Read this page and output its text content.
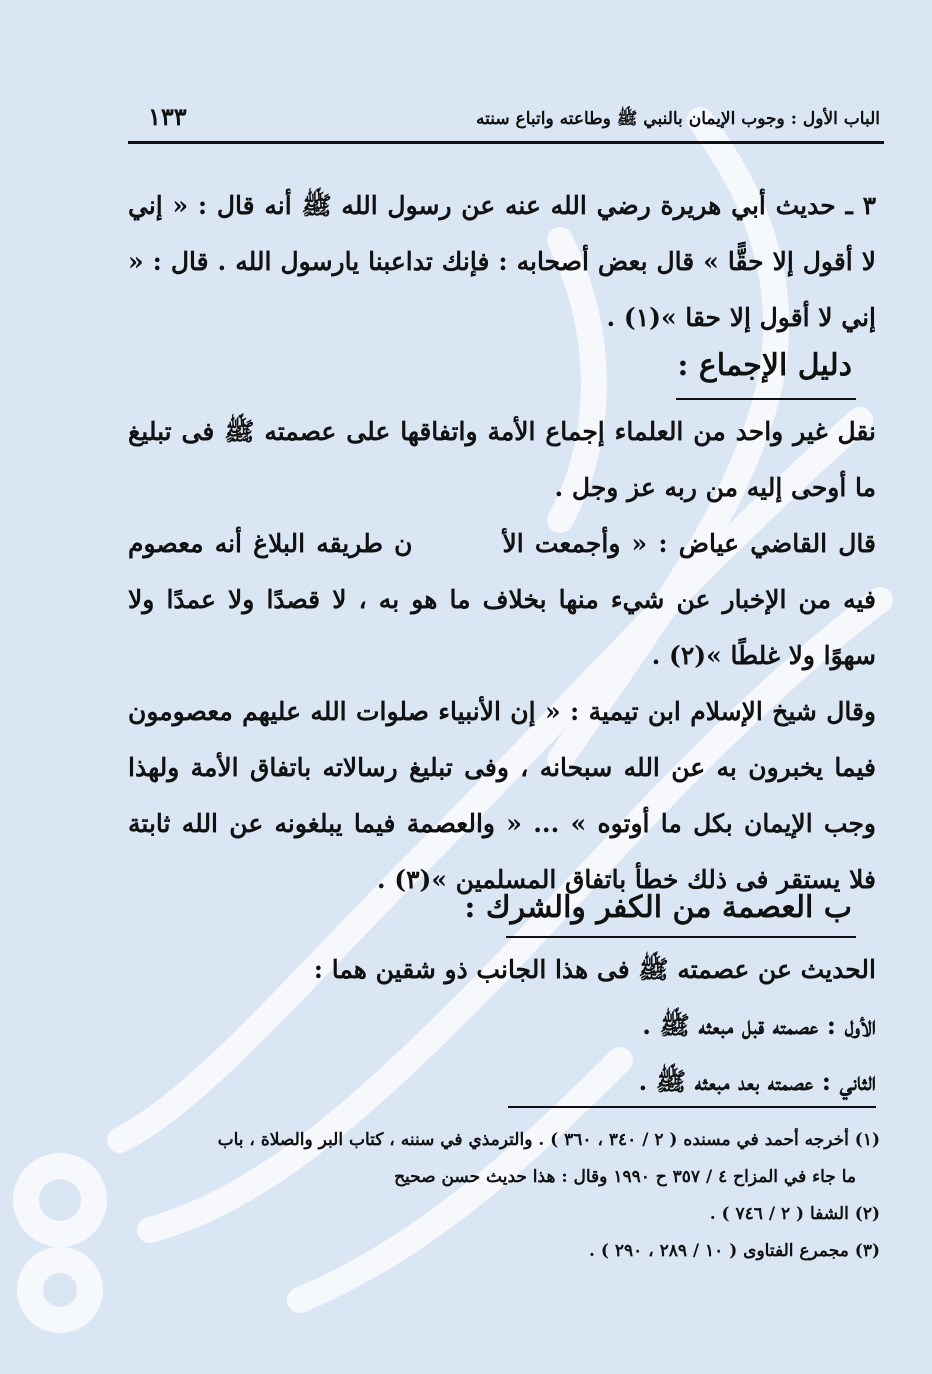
الباب الأول : وجوب الإيمان بالنبي ﷺ وطاعته واتباع سنته
١٣٣

٣ ـ حديث أبي هريرة رضي الله عنه عن رسول الله ﷺ أنه قال : « إني لا أقول إلا حقًّا » قال بعض أصحابه : فإنك تداعبنا يارسول الله . قال : « إني لا أقول إلا حقا »(١) .

دليل الإجماع :

نقل غير واحد من العلماء إجماع الأمة واتفاقها على عصمته ﷺ فى تبليغ ما أوحى إليه من ربه عز وجل .

قال القاضي عياض : « وأجمعت الأن طريقه البلاغ أنه معصوم فيه من الإخبار عن شيء منها بخلاف ما هو به ، لا قصدًا ولا عمدًا ولا سهوًا ولا غلطًا »(٢) .

وقال شيخ الإسلام ابن تيمية : « إن الأنبياء صلوات الله عليهم معصومون فيما يخبرون به عن الله سبحانه ، وفى تبليغ رسالاته باتفاق الأمة ولهذا وجب الإيمان بكل ما أوتوه » ... « والعصمة فيما يبلغونه عن الله ثابتة فلا يستقر فى ذلك خطأ باتفاق المسلمين »(٣) .

ب العصمة من الكفر والشرك :

الحديث عن عصمته ﷺ فى هذا الجانب ذو شقين هما :

الأول : عصمته قبل مبعثه ﷺ .

الثاني : عصمته بعد مبعثه ﷺ .

(١) أخرجه أحمد في مسنده ( ٢ / ٣٤٠ ، ٣٦٠ ) . والترمذي في سننه ، كتاب البر والصلاة ، باب

ما جاء في المزاح ٤ / ٣٥٧ ح ١٩٩٠ وقال : هذا حديث حسن صحيح

(٢) الشفا ( ٢ / ٧٤٦ ) .

(٣) مجمرع الفتاوى ( ١٠ / ٢٨٩ ، ٢٩٠ ) .
